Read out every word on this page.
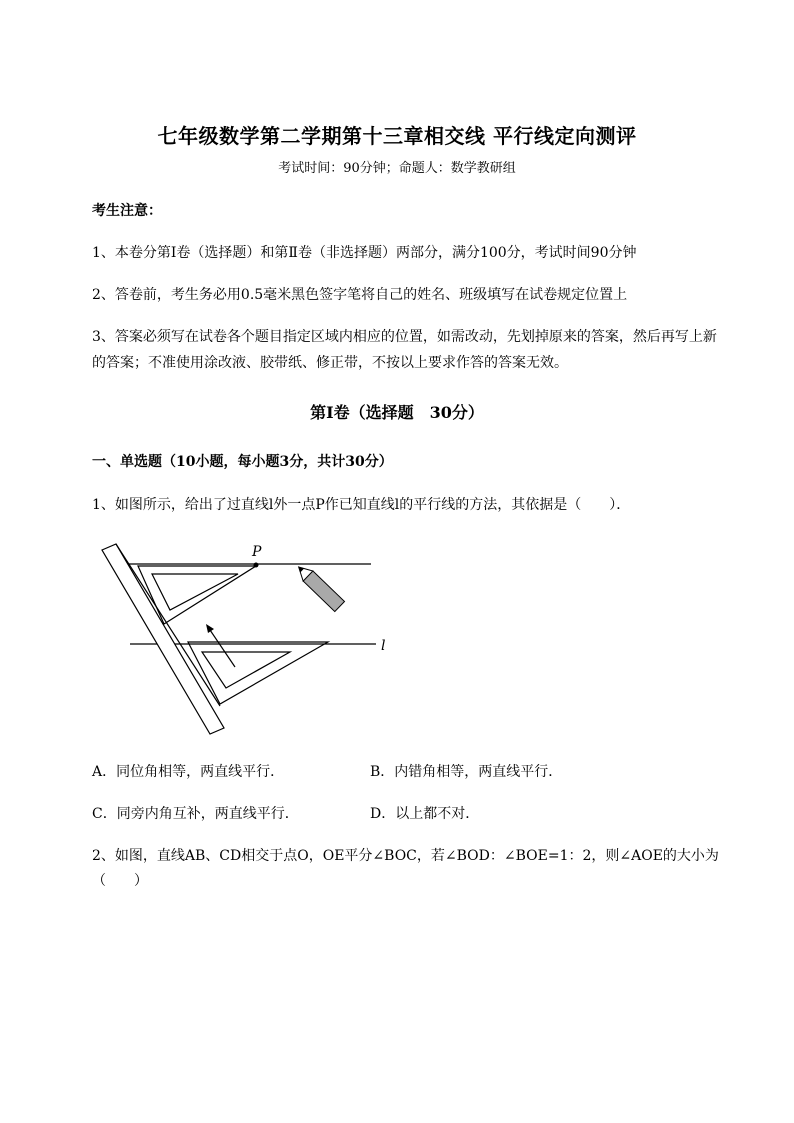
七年级数学第二学期第十三章相交线 平行线定向测评
考试时间：90分钟；命题人：数学教研组
考生注意：
1、本卷分第I卷（选择题）和第Ⅱ卷（非选择题）两部分，满分100分，考试时间90分钟
2、答卷前，考生务必用0.5毫米黑色签字笔将自己的姓名、班级填写在试卷规定位置上
3、答案必须写在试卷各个题目指定区域内相应的位置，如需改动，先划掉原来的答案，然后再写上新
的答案；不准使用涂改液、胶带纸、修正带，不按以上要求作答的答案无效。
第I卷（选择题　30分）
一、单选题（10小题，每小题3分，共计30分）
1、如图所示，给出了过直线l外一点P作已知直线l的平行线的方法，其依据是（　　）．
P
l
A．同位角相等，两直线平行．	B．内错角相等，两直线平行．
C．同旁内角互补，两直线平行．	D．以上都不对．
2、如图，直线AB、CD相交于点O，OE平分∠BOC，若∠BOD：∠BOE=1：2，则∠AOE的大小为
（　　）
